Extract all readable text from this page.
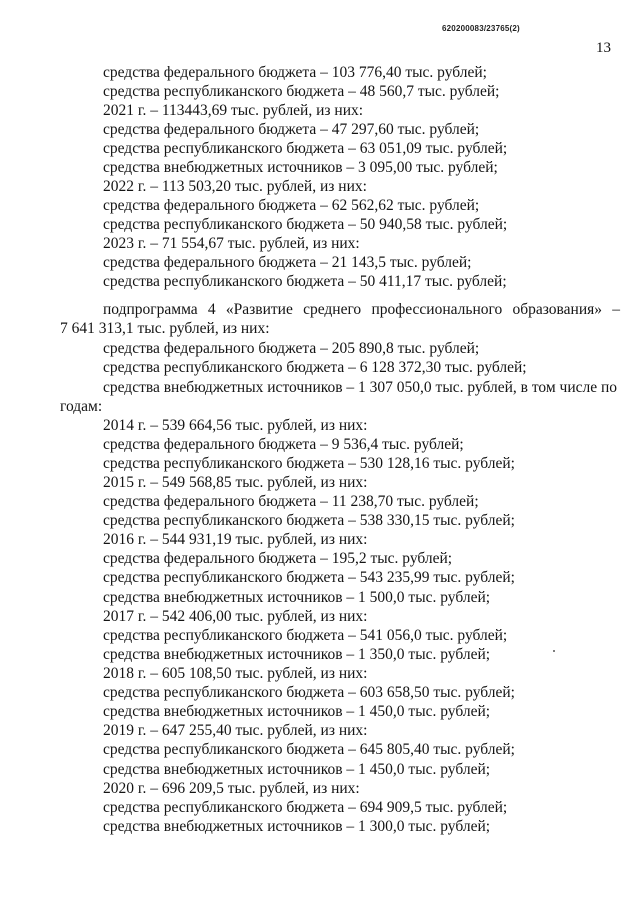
620200083/23765(2)
13
средства федерального бюджета – 103 776,40 тыс. рублей;
средства республиканского бюджета – 48 560,7 тыс. рублей;
2021 г. – 113443,69 тыс. рублей, из них:
средства федерального бюджета – 47 297,60 тыс. рублей;
средства республиканского бюджета – 63 051,09 тыс. рублей;
средства внебюджетных источников – 3 095,00 тыс. рублей;
2022 г. – 113 503,20 тыс. рублей, из них:
средства федерального бюджета – 62 562,62 тыс. рублей;
средства республиканского бюджета – 50 940,58 тыс. рублей;
2023 г. – 71 554,67 тыс. рублей, из них:
средства федерального бюджета – 21 143,5 тыс. рублей;
средства республиканского бюджета – 50 411,17 тыс. рублей;
подпрограмма 4 «Развитие среднего профессионального образования» –
7 641 313,1 тыс. рублей, из них:
средства федерального бюджета – 205 890,8 тыс. рублей;
средства республиканского бюджета – 6 128 372,30 тыс. рублей;
средства внебюджетных источников – 1 307 050,0 тыс. рублей, в том числе по
годам:
2014 г. – 539 664,56 тыс. рублей, из них:
средства федерального бюджета – 9 536,4 тыс. рублей;
средства республиканского бюджета – 530 128,16 тыс. рублей;
2015 г. – 549 568,85 тыс. рублей, из них:
средства федерального бюджета – 11 238,70 тыс. рублей;
средства республиканского бюджета – 538 330,15 тыс. рублей;
2016 г. – 544 931,19 тыс. рублей, из них:
средства федерального бюджета – 195,2 тыс. рублей;
средства республиканского бюджета – 543 235,99 тыс. рублей;
средства внебюджетных источников – 1 500,0 тыс. рублей;
2017 г. – 542 406,00 тыс. рублей, из них:
средства республиканского бюджета – 541 056,0 тыс. рублей;
средства внебюджетных источников – 1 350,0 тыс. рублей;
2018 г. – 605 108,50 тыс. рублей, из них:
средства республиканского бюджета – 603 658,50 тыс. рублей;
средства внебюджетных источников – 1 450,0 тыс. рублей;
2019 г. – 647 255,40 тыс. рублей, из них:
средства республиканского бюджета – 645 805,40 тыс. рублей;
средства внебюджетных источников – 1 450,0 тыс. рублей;
2020 г. – 696 209,5 тыс. рублей, из них:
средства республиканского бюджета – 694 909,5 тыс. рублей;
средства внебюджетных источников – 1 300,0 тыс. рублей;
